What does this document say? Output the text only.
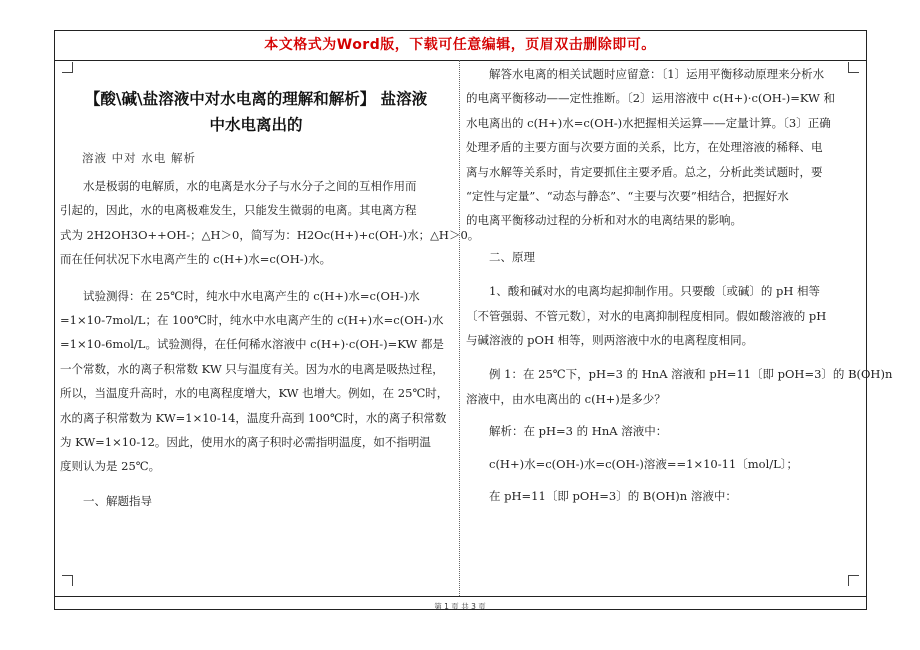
本文格式为Word版，下载可任意编辑，页眉双击删除即可。
【酸\碱\盐溶液中对水电离的理解和解析】 盐溶液
中水电离出的
溶液 中对 水电 解析

　　水是极弱的电解质，水的电离是水分子与水分子之间的互相作用而

引起的，因此，水的电离极难发生，只能发生微弱的电离。其电离方程

式为 2H2OH3O++OH-；△H＞0，简写为：H2Oc(H+)+c(OH-)水；△H＞0。

而在任何状况下水电离产生的 c(H+)水=c(OH-)水。

　　试验测得：在 25℃时，纯水中水电离产生的 c(H+)水=c(OH-)水

=1×10-7mol/L；在 100℃时，纯水中水电离产生的 c(H+)水=c(OH-)水

=1×10-6mol/L。试验测得，在任何稀水溶液中 c(H+)·c(OH-)=KW 都是

一个常数，水的离子积常数 KW 只与温度有关。因为水的电离是吸热过程，

所以，当温度升高时，水的电离程度增大，KW 也增大。例如，在 25℃时，

水的离子积常数为 KW=1×10-14，温度升高到 100℃时，水的离子积常数

为 KW=1×10-12。因此，使用水的离子积时必需指明温度，如不指明温

度则认为是 25℃。

　　一、解题指导

　　解答水电离的相关试题时应留意：〔1〕运用平衡移动原理来分析水

的电离平衡移动——定性推断。〔2〕运用溶液中 c(H+)·c(OH-)=KW 和

水电离出的 c(H+)水=c(OH-)水把握相关运算——定量计算。〔3〕正确

处理矛盾的主要方面与次要方面的关系，比方，在处理溶液的稀释、电

离与水解等关系时，肯定要抓住主要矛盾。总之，分析此类试题时，要

“定性与定量”、“动态与静态”、“主要与次要”相结合，把握好水

的电离平衡移动过程的分析和对水的电离结果的影响。

　　二、原理

　　1、酸和碱对水的电离均起抑制作用。只要酸〔或碱〕的 pH 相等

〔不管强弱、不管元数〕，对水的电离抑制程度相同。假如酸溶液的 pH

与碱溶液的 pOH 相等，则两溶液中水的电离程度相同。

　　例 1：在 25℃下，pH=3 的 HnA 溶液和 pH=11〔即 pOH=3〕的 B(OH)n

溶液中，由水电离出的 c(H+)是多少？

　　解析：在 pH=3 的 HnA 溶液中：

　　c(H+)水=c(OH-)水=c(OH-)溶液==1×10-11〔mol/L〕；

　　在 pH=11〔即 pOH=3〕的 B(OH)n 溶液中：

第 1 页 共 3 页
